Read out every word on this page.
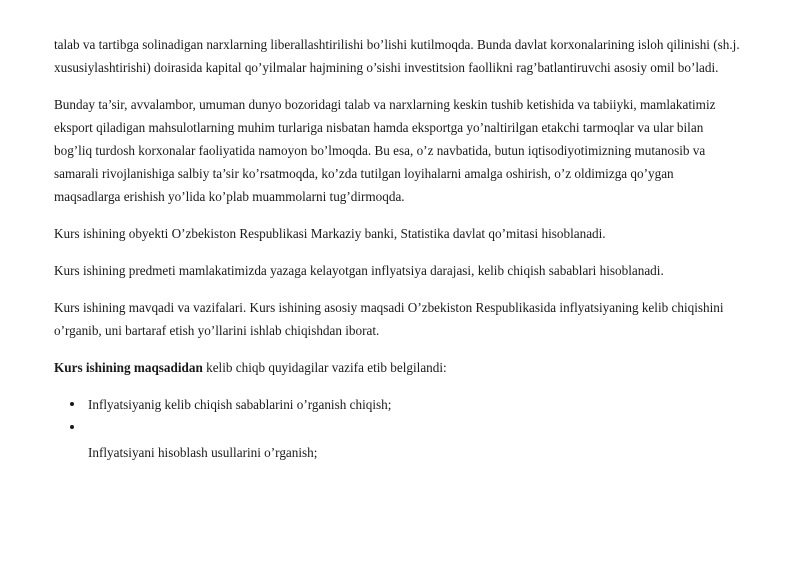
talab va tartibga solinadigan narxlarning liberallashtirilishi bo’lishi kutilmoqda. Bunda davlat korxonalarining isloh qilinishi (sh.j. xususiylashtirishi) doirasida kapital qo’yilmalar hajmining o’sishi investitsion faollikni rag’batlantiruvchi asosiy omil bo’ladi.

Bunday ta’sir, avvalambor, umuman dunyo bozoridagi talab va narxlarning keskin tushib ketishida va tabiiyki, mamlakatimiz eksport qiladigan mahsulotlarning muhim turlariga nisbatan hamda eksportga yo’naltirilgan etakchi tarmoqlar va ular bilan bog’liq turdosh korxonalar faoliyatida namoyon bo’lmoqda. Bu esa, o’z navbatida, butun iqtisodiyotimizning mutanosib va samarali rivojlanishiga salbiy ta’sir ko’rsatmoqda, ko’zda tutilgan loyihalarni amalga oshirish, o’z oldimizga qo’ygan maqsadlarga erishish yo’lida ko’plab muammolarni tug’dirmoqda.

Kurs ishining obyekti O’zbekiston Respublikasi Markaziy banki, Statistika davlat qo’mitasi hisoblanadi.

Kurs ishining predmeti mamlakatimizda yazaga kelayotgan inflyatsiya darajasi, kelib chiqish sabablari hisoblanadi.

Kurs ishining mavqadi va vazifalari. Kurs ishining asosiy maqsadi O’zbekiston Respublikasida inflyatsiyaning kelib chiqishini o’rganib, uni bartaraf etish yo’llarini ishlab chiqishdan iborat.

Kurs ishining maqsadidan kelib chiqb quyidagilar vazifa etib belgilandi:

Inflyatsiyanig kelib chiqish sabablarini o’rganish chiqish;

Inflyatsiyani hisoblash usullarini o’rganish;
